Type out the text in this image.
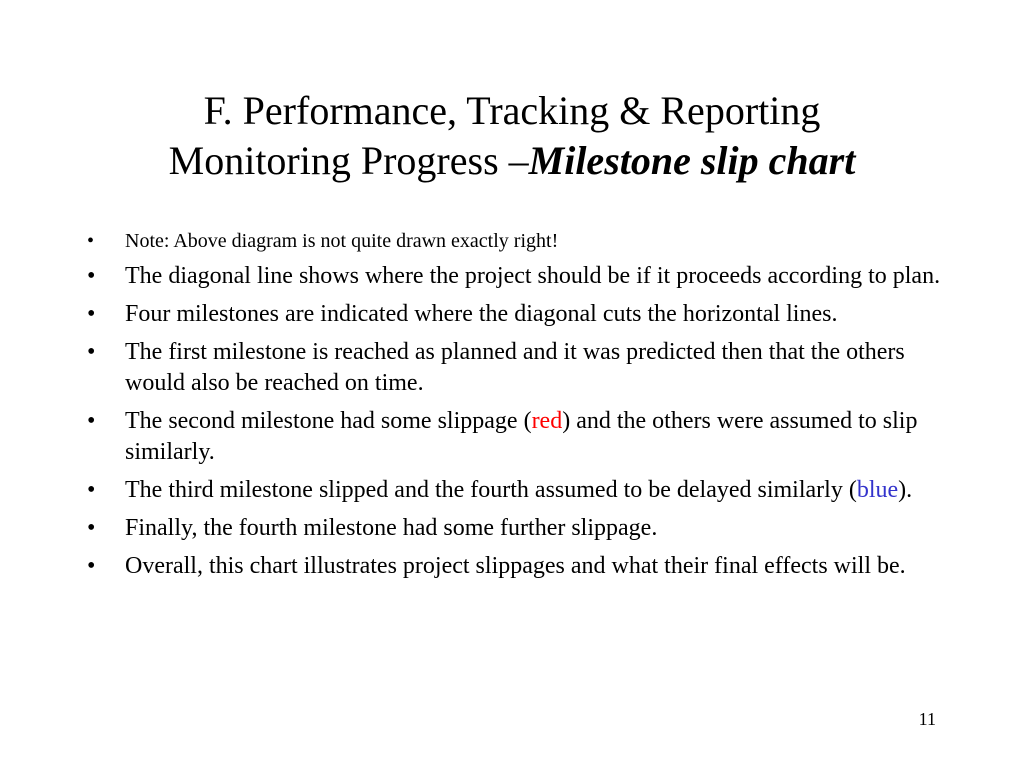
F. Performance, Tracking & Reporting
Monitoring Progress –Milestone slip chart
• Note: Above diagram is not quite drawn exactly right!
• The diagonal line shows where the project should be if it proceeds according to plan.
• Four milestones are indicated where the diagonal cuts the horizontal lines.
• The first milestone is reached as planned and it was predicted then that the others would also be reached on time.
• The second milestone had some slippage (red) and the others were assumed to slip similarly.
• The third milestone slipped and the fourth assumed to be delayed similarly (blue).
• Finally, the fourth milestone had some further slippage.
• Overall, this chart illustrates project slippages and what their final effects will be.
11
